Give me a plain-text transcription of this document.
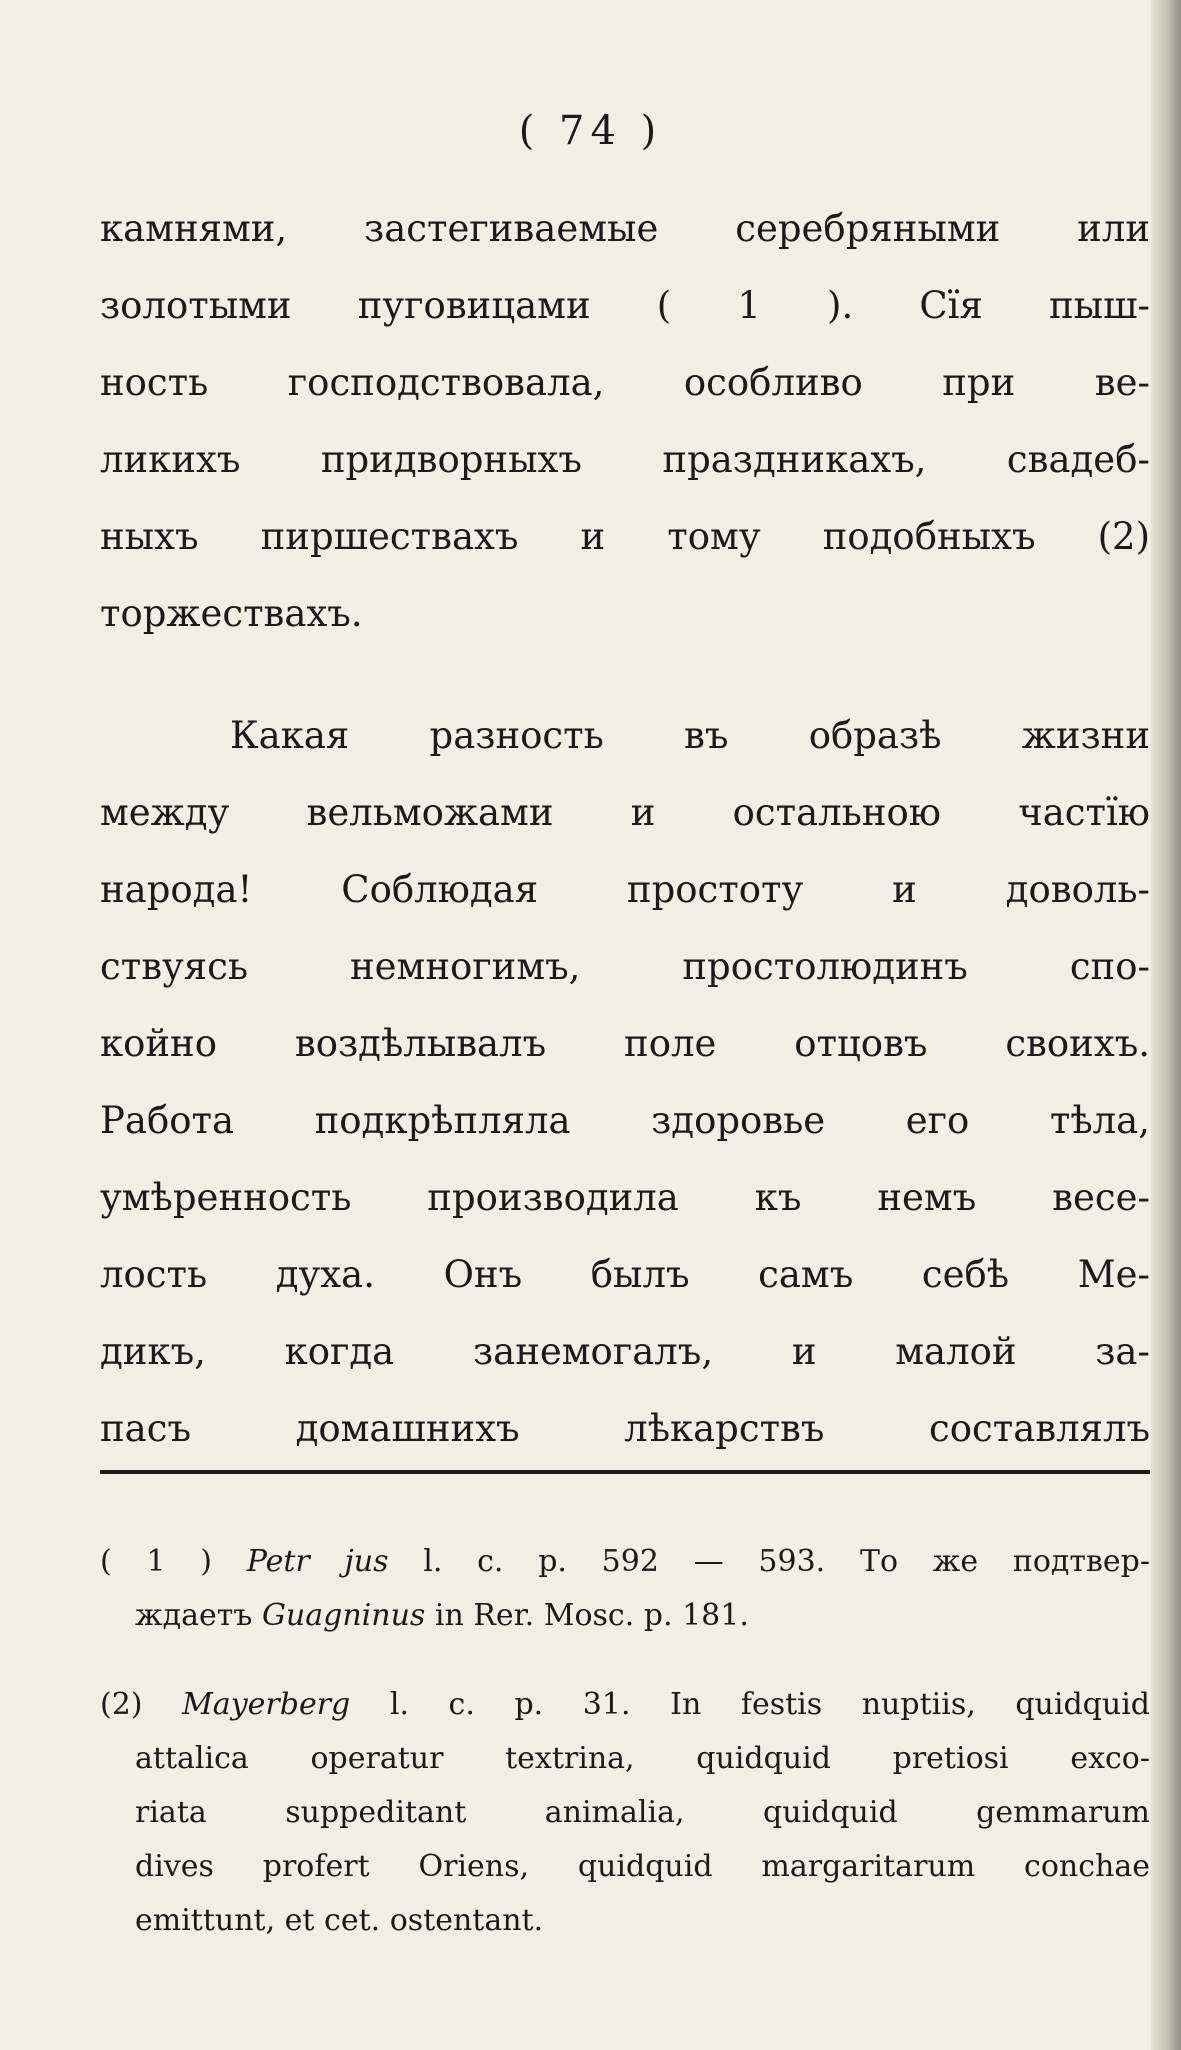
( 74 )
камнями, застегиваемые серебряными или
золотыми пуговицами ( 1 ). Сїя пыш-
ность господствовала, особливо при ве-
ликихъ придворныхъ праздникахъ, свадеб-
ныхъ пиршествахъ и тому подобныхъ (2)
торжествахъ.
Какая разность въ образѣ жизни
между вельможами и остальною частїю
народа! Соблюдая простоту и доволь-
ствуясь немногимъ, простолюдинъ спо-
койно воздѣлывалъ поле отцовъ своихъ.
Работа подкрѣпляла здоровье его тѣла,
умѣренность производила къ немъ весе-
лость духа. Онъ былъ самъ себѣ Ме-
дикъ, когда занемогалъ, и малой за-
пасъ домашнихъ лѣкарствъ составлялъ
( 1 ) Petr jus l. c. p. 592 — 593. То же подтвер-
ждаетъ Guagninus in Rer. Mosc. p. 181.
(2) Mayerberg l. c. p. 31. In festis nuptiis, quidquid
attalica operatur textrina, quidquid pretiosi exco-
riata suppeditant animalia, quidquid gemmarum
dives profert Oriens, quidquid margaritarum conchae
emittunt, et cet. ostentant.
